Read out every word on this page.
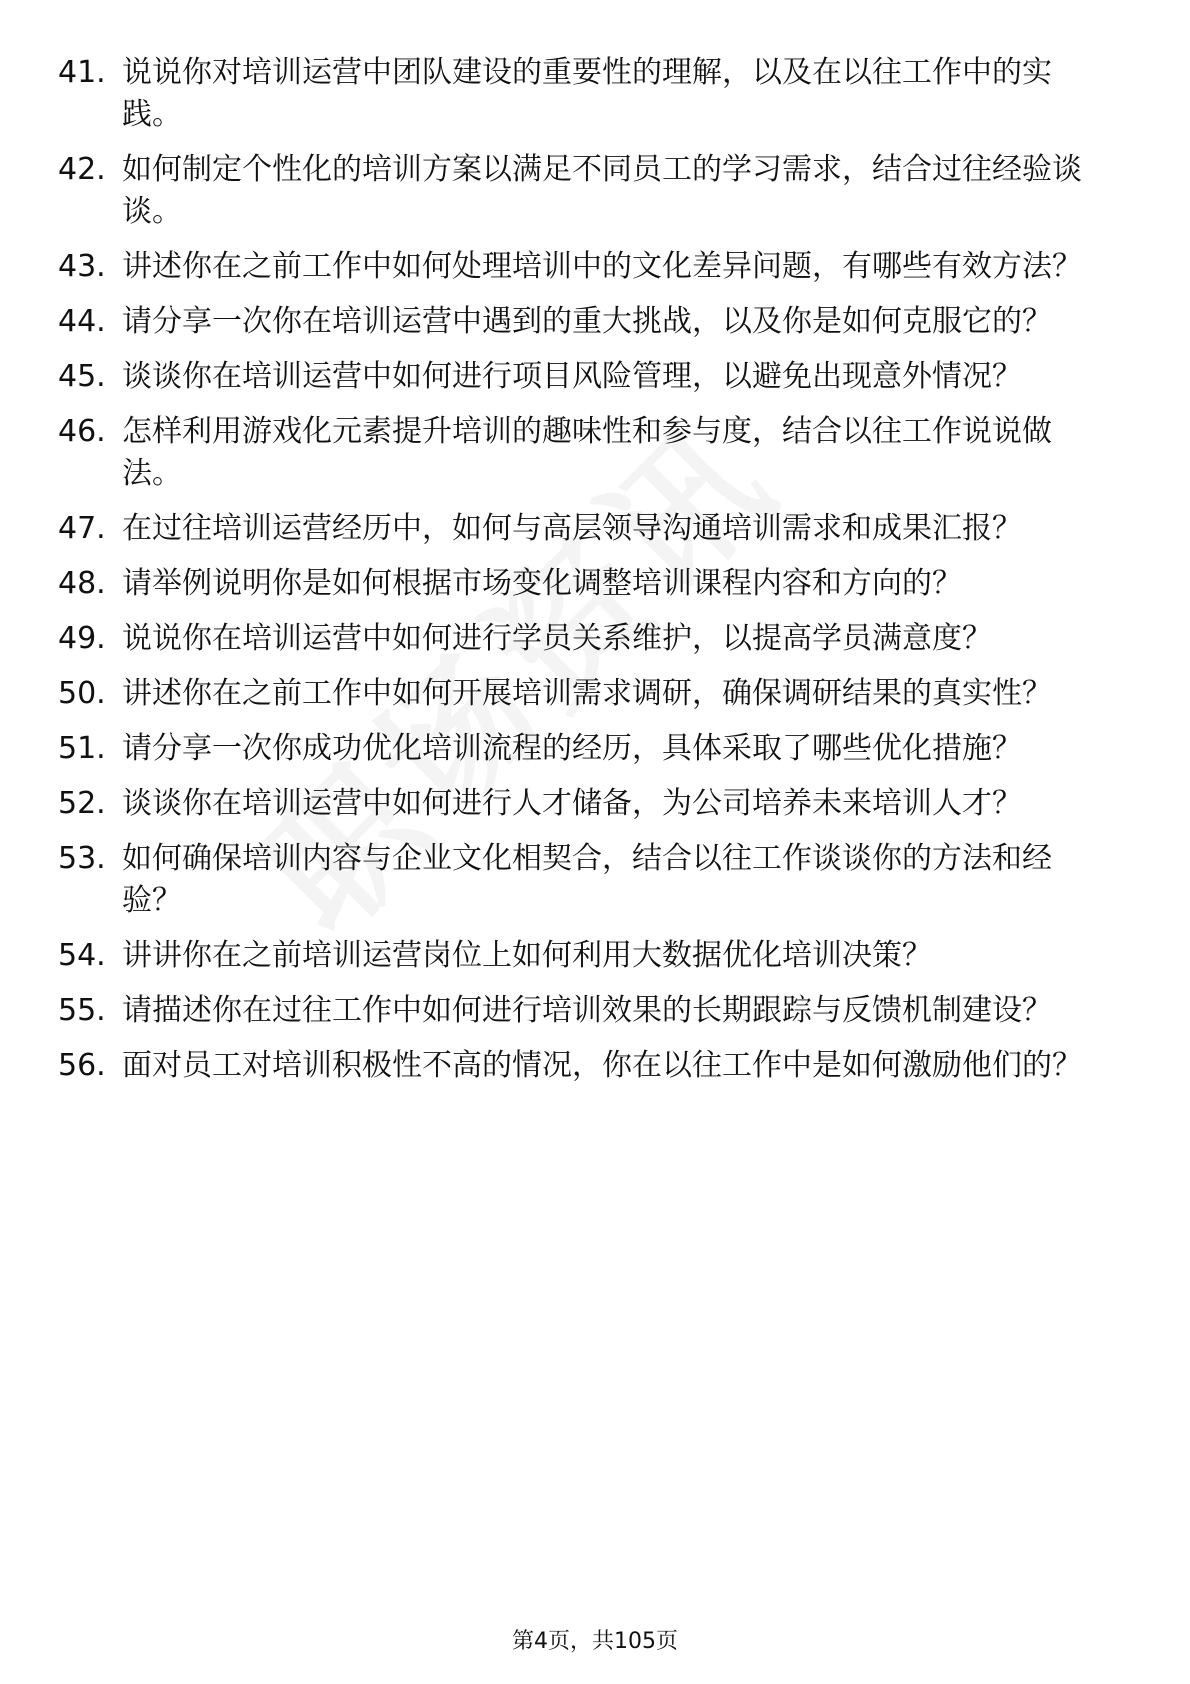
41. 说说你对培训运营中团队建设的重要性的理解，以及在以往工作中的实践。
42. 如何制定个性化的培训方案以满足不同员工的学习需求，结合过往经验谈谈。
43. 讲述你在之前工作中如何处理培训中的文化差异问题，有哪些有效方法？
44. 请分享一次你在培训运营中遇到的重大挑战，以及你是如何克服它的？
45. 谈谈你在培训运营中如何进行项目风险管理，以避免出现意外情况？
46. 怎样利用游戏化元素提升培训的趣味性和参与度，结合以往工作说说做法。
47. 在过往培训运营经历中，如何与高层领导沟通培训需求和成果汇报？
48. 请举例说明你是如何根据市场变化调整培训课程内容和方向的？
49. 说说你在培训运营中如何进行学员关系维护，以提高学员满意度？
50. 讲述你在之前工作中如何开展培训需求调研，确保调研结果的真实性？
51. 请分享一次你成功优化培训流程的经历，具体采取了哪些优化措施？
52. 谈谈你在培训运营中如何进行人才储备，为公司培养未来培训人才？
53. 如何确保培训内容与企业文化相契合，结合以往工作谈谈你的方法和经验？
54. 讲讲你在之前培训运营岗位上如何利用大数据优化培训决策？
55. 请描述你在过往工作中如何进行培训效果的长期跟踪与反馈机制建设？
56. 面对员工对培训积极性不高的情况，你在以往工作中是如何激励他们的？
第4页，共105页
